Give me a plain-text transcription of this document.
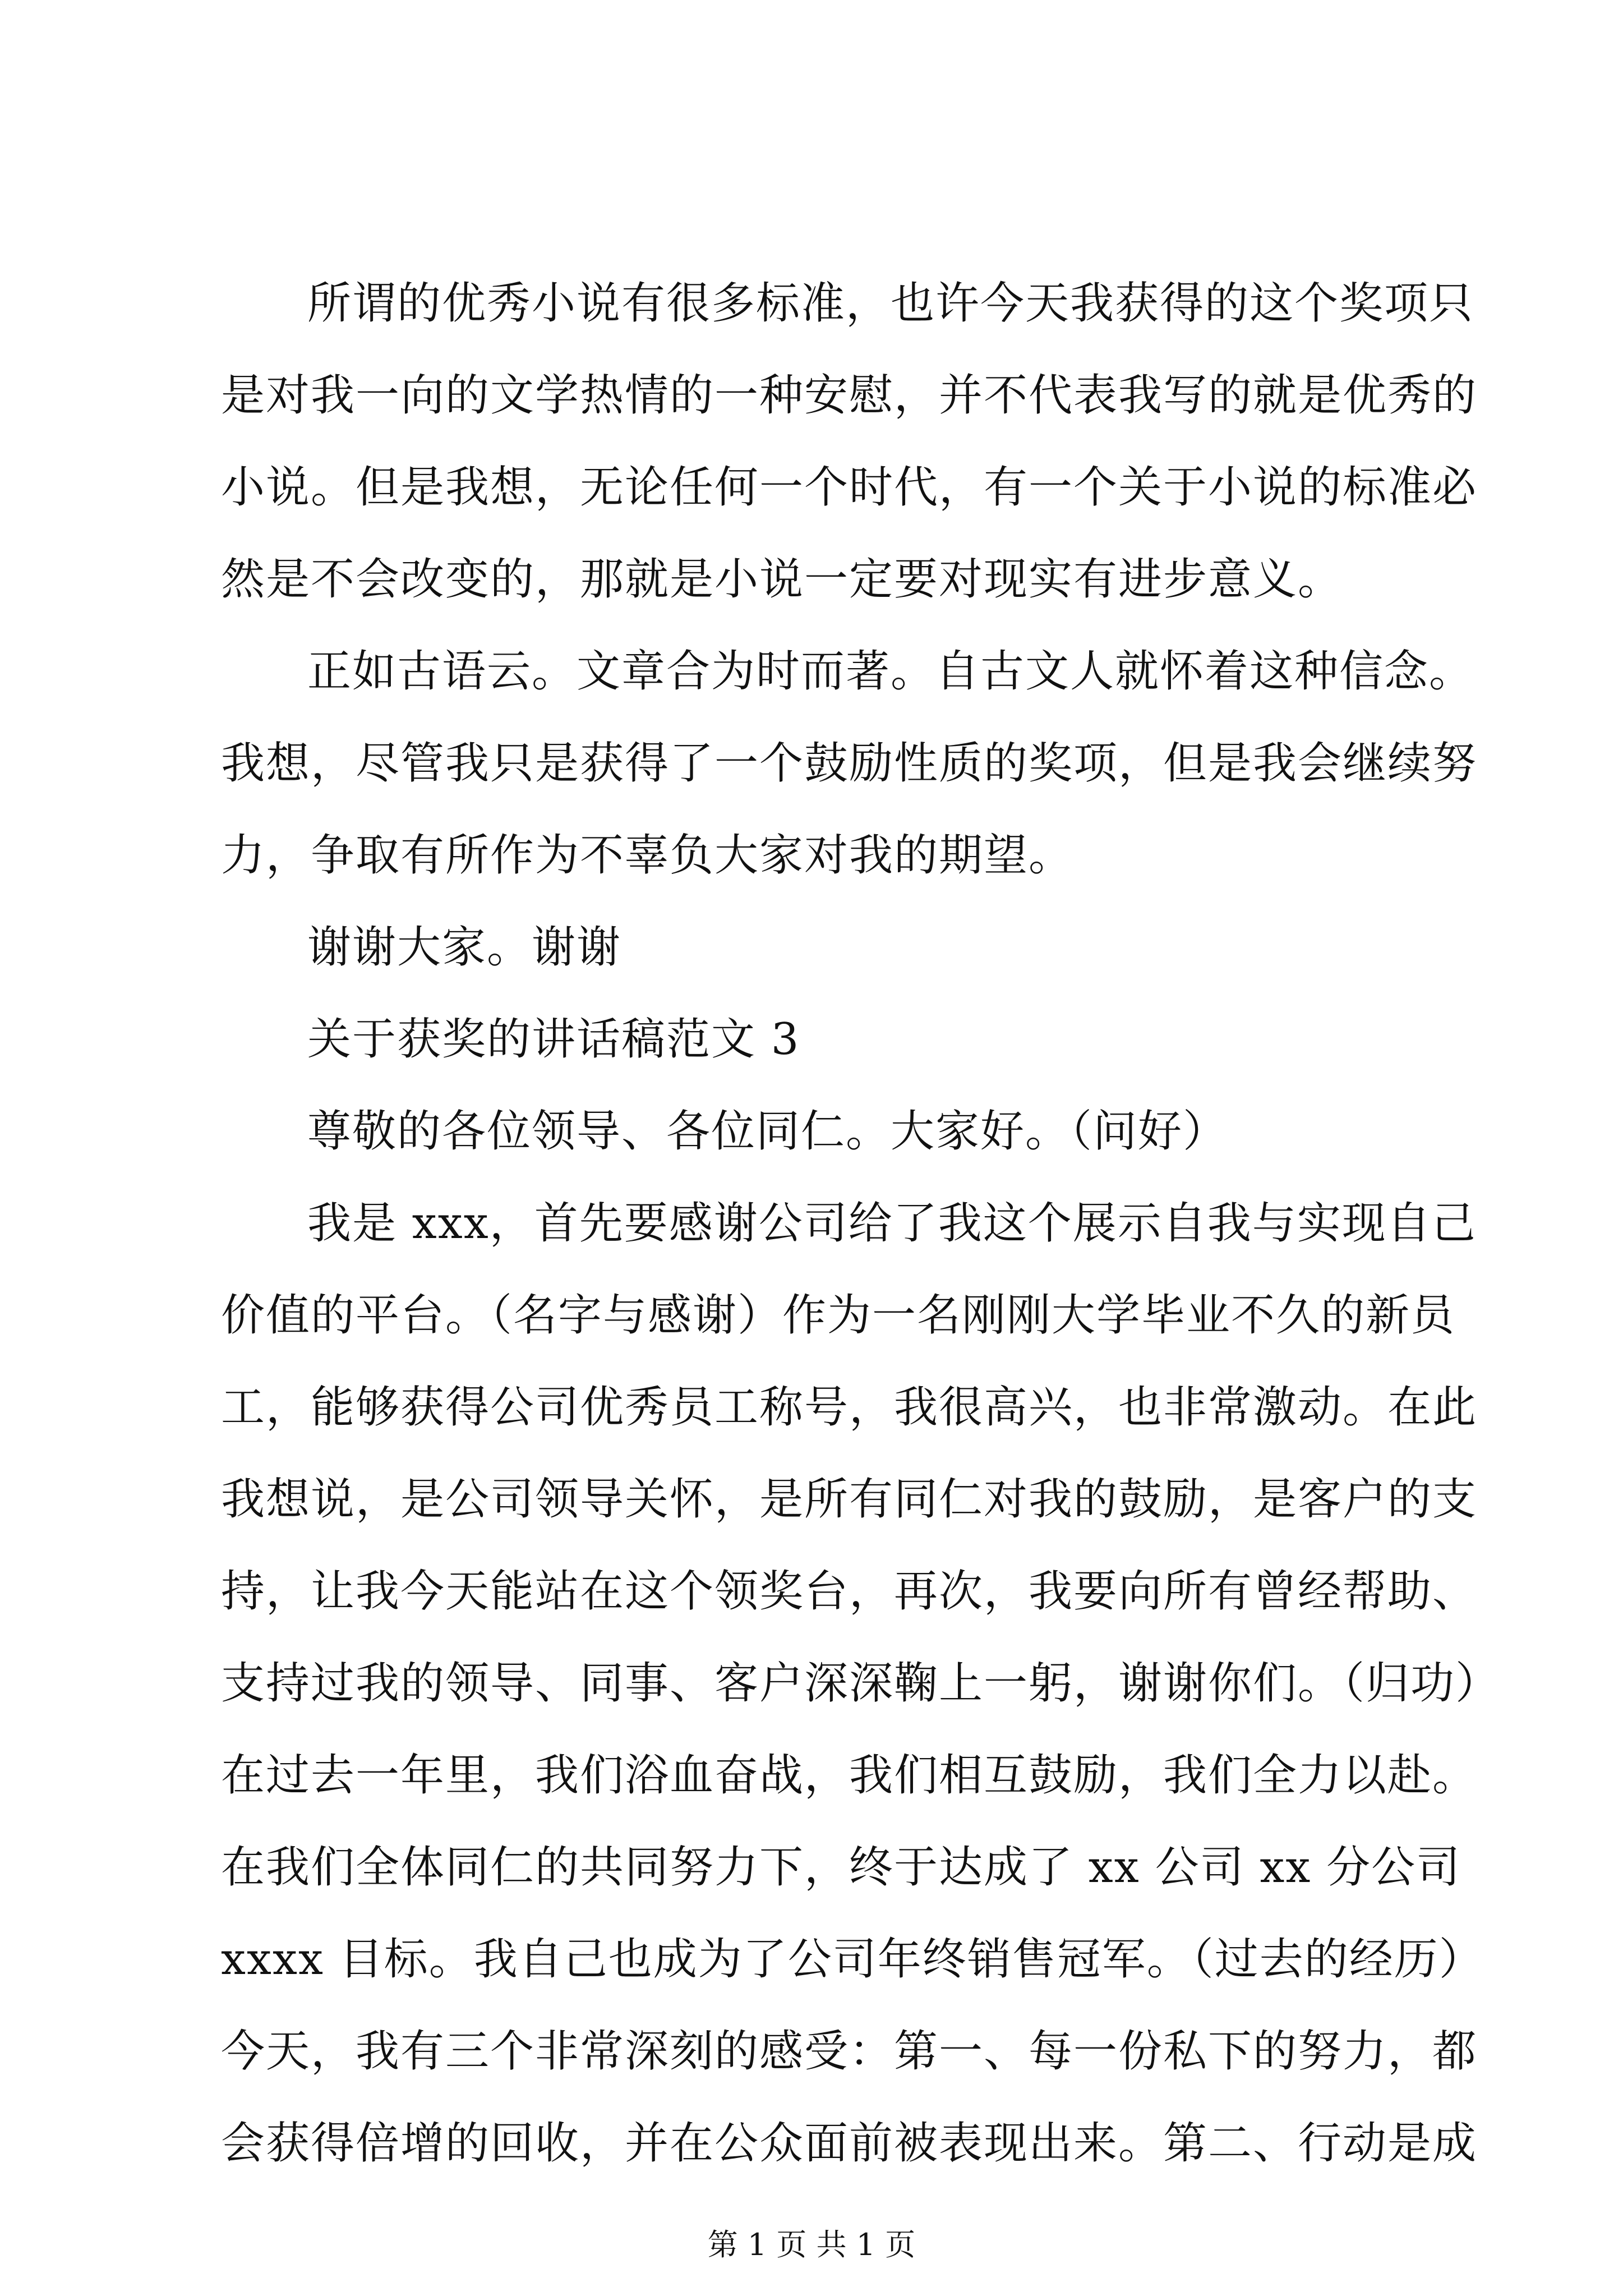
所谓的优秀小说有很多标准，也许今天我获得的这个奖项只
是对我一向的文学热情的一种安慰，并不代表我写的就是优秀的
小说。但是我想，无论任何一个时代，有一个关于小说的标准必
然是不会改变的，那就是小说一定要对现实有进步意义。
正如古语云。文章合为时而著。自古文人就怀着这种信念。
我想，尽管我只是获得了一个鼓励性质的奖项，但是我会继续努
力，争取有所作为不辜负大家对我的期望。
谢谢大家。谢谢
关于获奖的讲话稿范文 3
尊敬的各位领导、各位同仁。大家好。（问好）
我是 xxx，首先要感谢公司给了我这个展示自我与实现自己
价值的平台。（名字与感谢）作为一名刚刚大学毕业不久的新员
工，能够获得公司优秀员工称号，我很高兴，也非常激动。在此
我想说，是公司领导关怀，是所有同仁对我的鼓励，是客户的支
持，让我今天能站在这个领奖台，再次，我要向所有曾经帮助、
支持过我的领导、同事、客户深深鞠上一躬，谢谢你们。（归功）
在过去一年里，我们浴血奋战，我们相互鼓励，我们全力以赴。
在我们全体同仁的共同努力下，终于达成了 xx 公司 xx 分公司
xxxx 目标。我自己也成为了公司年终销售冠军。（过去的经历）
今天，我有三个非常深刻的感受：第一、每一份私下的努力，都
会获得倍增的回收，并在公众面前被表现出来。第二、行动是成
第 1 页 共 1 页
